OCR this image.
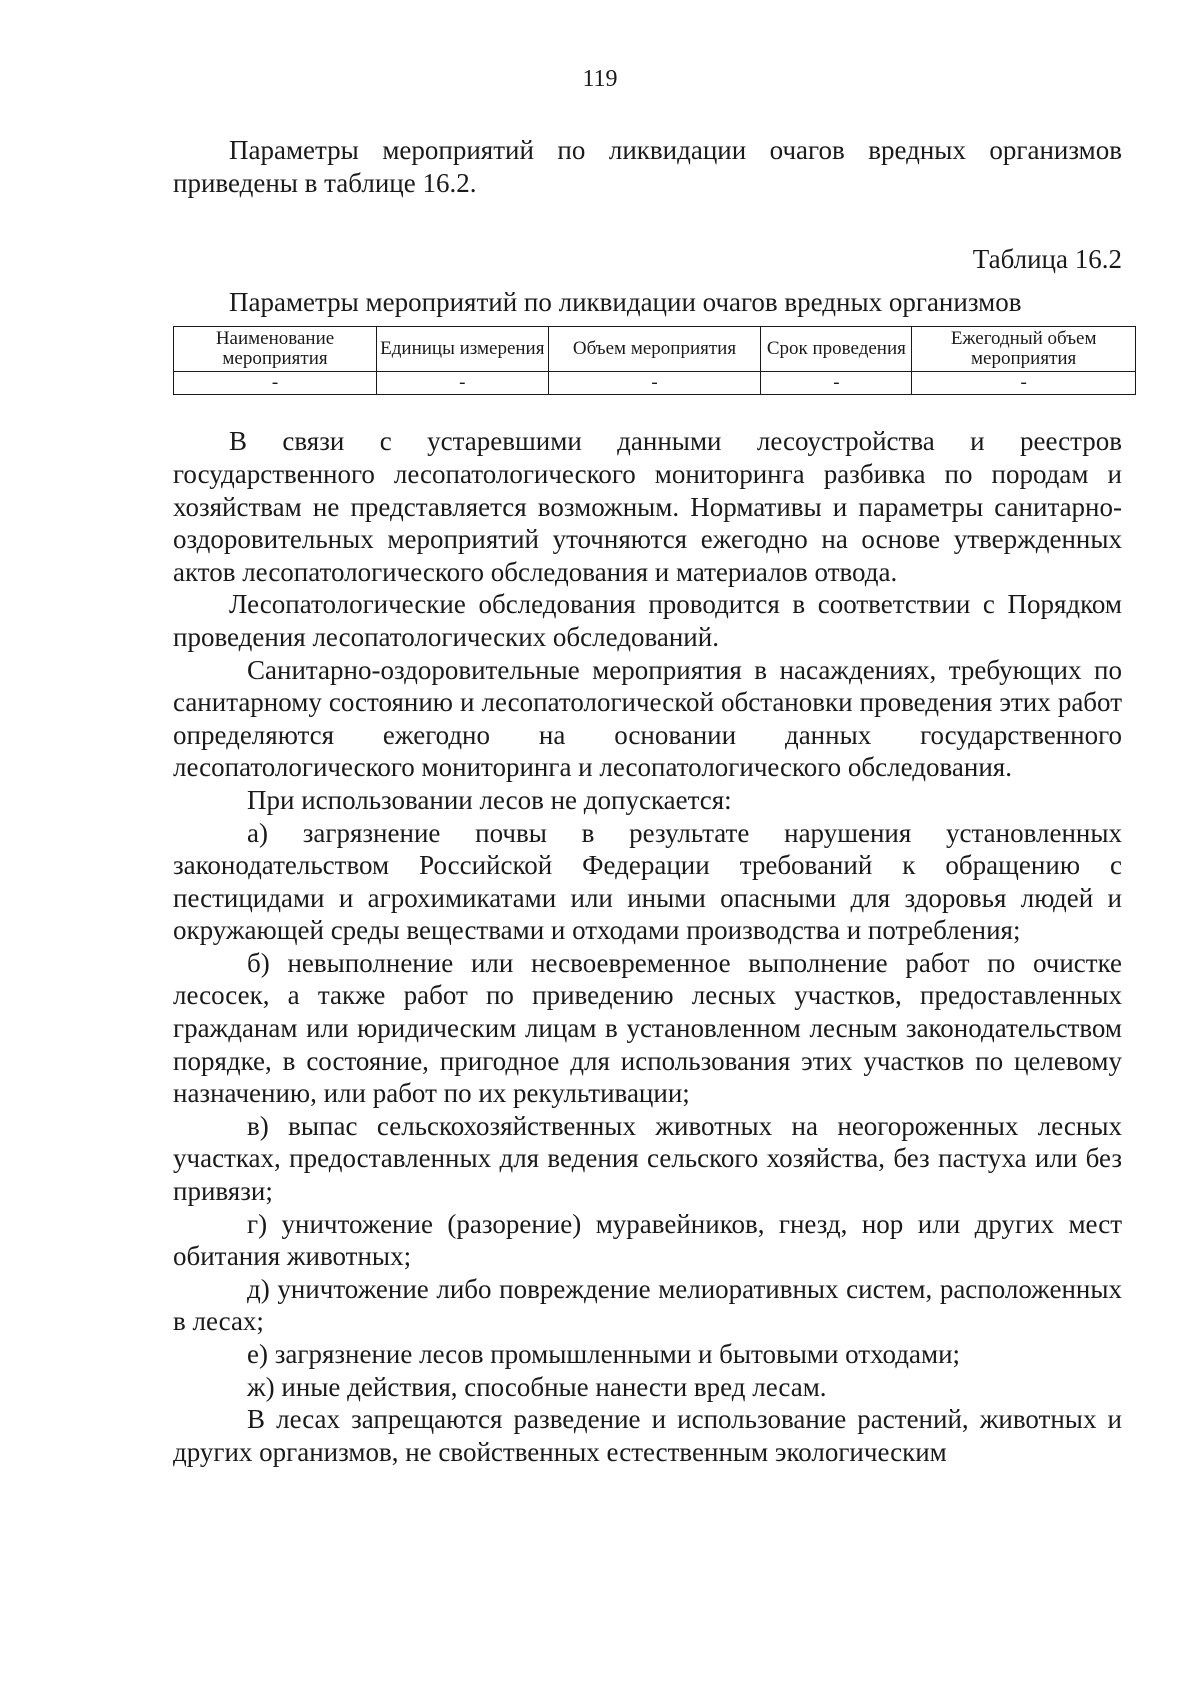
119

Параметры мероприятий по ликвидации очагов вредных организмов приведены в таблице 16.2.

Таблица 16.2

Параметры мероприятий по ликвидации очагов вредных организмов

Наименование мероприятия	Единицы измерения	Объем мероприятия	Срок проведения	Ежегодный объем мероприятия
-	-	-	-	-

В связи с устаревшими данными лесоустройства и реестров государственного лесопатологического мониторинга разбивка по породам и хозяйствам не представляется возможным. Нормативы и параметры санитарно-оздоровительных мероприятий уточняются ежегодно на основе утвержденных актов лесопатологического обследования и материалов отвода.

Лесопатологические обследования проводится в соответствии с Порядком проведения лесопатологических обследований.

Санитарно-оздоровительные мероприятия в насаждениях, требующих по санитарному состоянию и лесопатологической обстановки проведения этих работ определяются ежегодно на основании данных государственного лесопатологического мониторинга и лесопатологического обследования.

При использовании лесов не допускается:

а) загрязнение почвы в результате нарушения установленных законодательством Российской Федерации требований к обращению с пестицидами и агрохимикатами или иными опасными для здоровья людей и окружающей среды веществами и отходами производства и потребления;

б) невыполнение или несвоевременное выполнение работ по очистке лесосек, а также работ по приведению лесных участков, предоставленных гражданам или юридическим лицам в установленном лесным законодательством порядке, в состояние, пригодное для использования этих участков по целевому назначению, или работ по их рекультивации;

в) выпас сельскохозяйственных животных на неогороженных лесных участках, предоставленных для ведения сельского хозяйства, без пастуха или без привязи;

г) уничтожение (разорение) муравейников, гнезд, нор или других мест обитания животных;

д) уничтожение либо повреждение мелиоративных систем, расположенных в лесах;

е) загрязнение лесов промышленными и бытовыми отходами;

ж) иные действия, способные нанести вред лесам.

В лесах запрещаются разведение и использование растений, животных и других организмов, не свойственных естественным экологическим
